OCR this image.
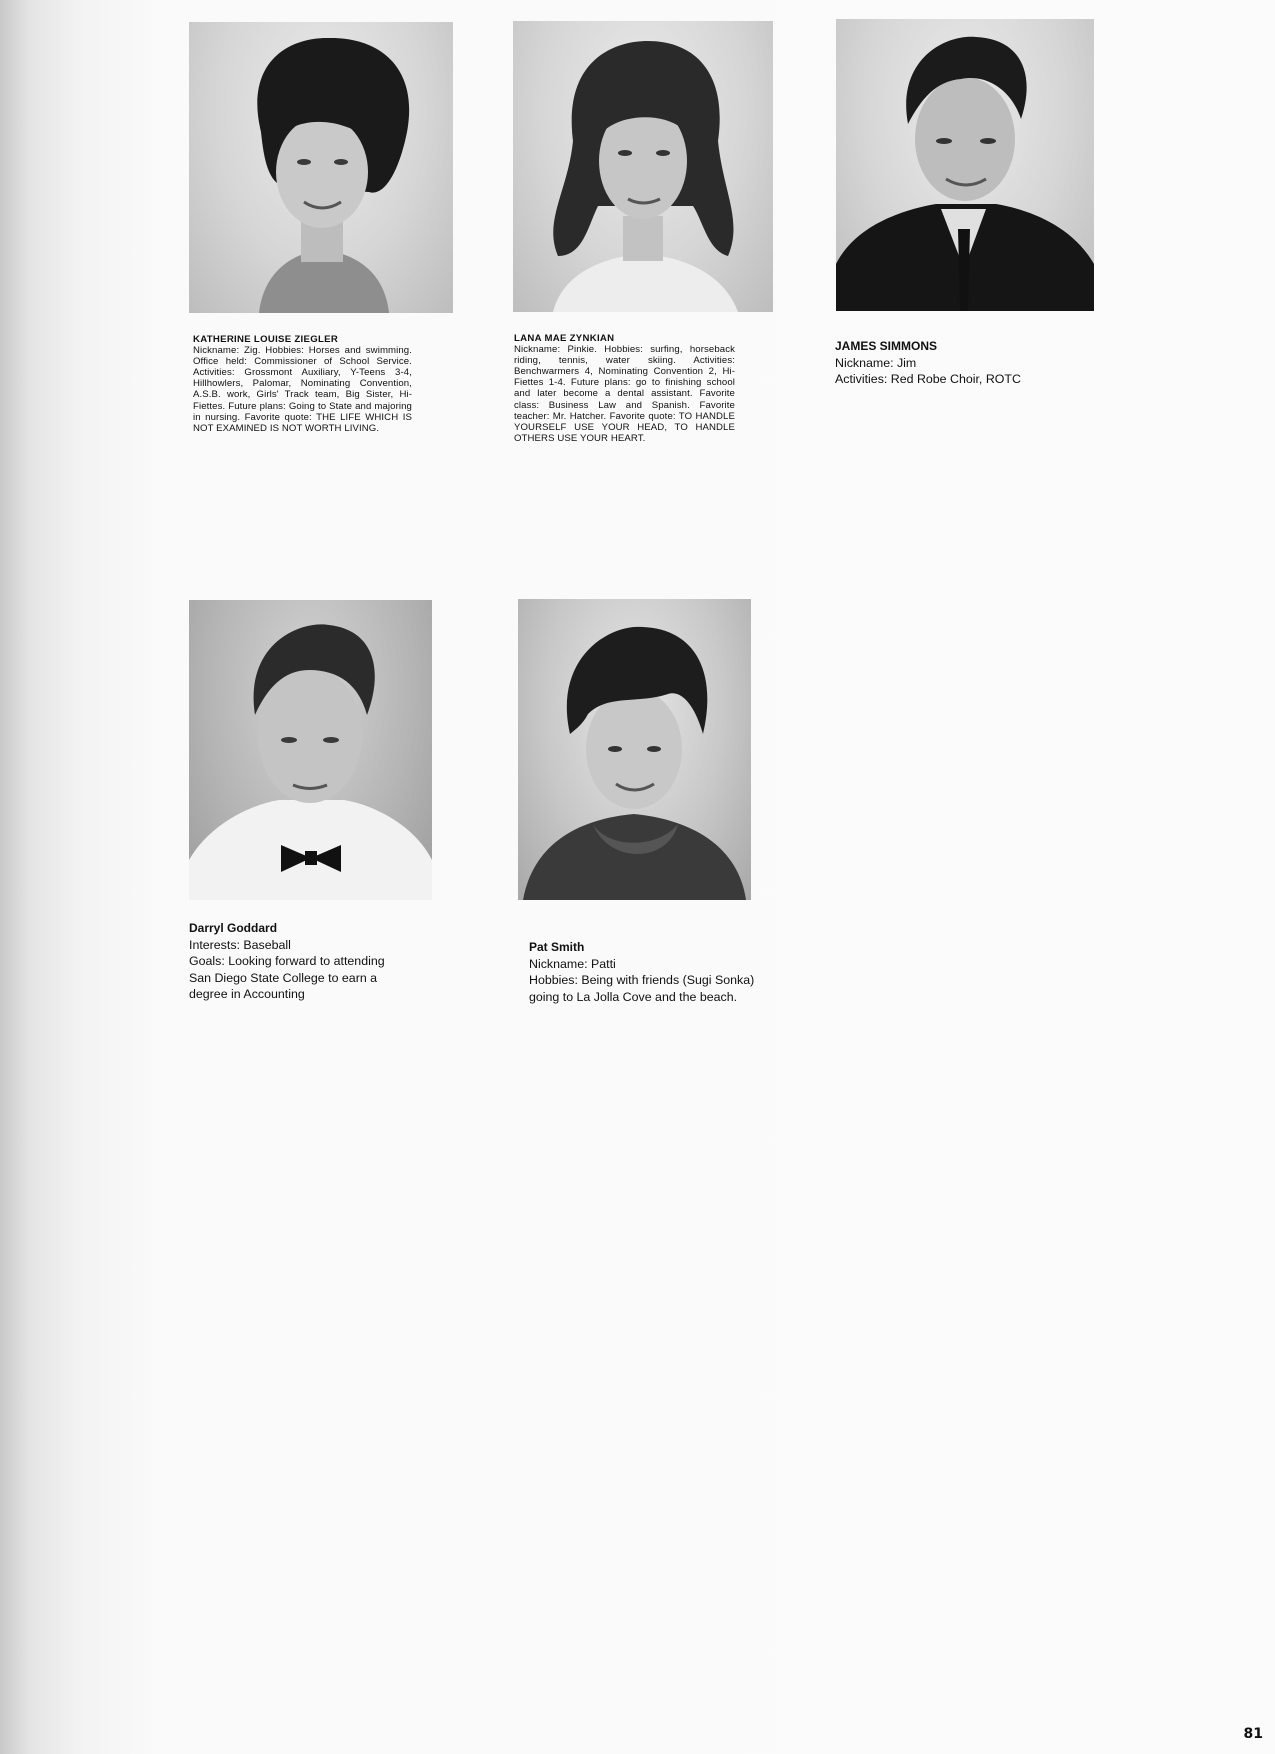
KATHERINE LOUISE ZIEGLER

Nickname: Zig. Hobbies: Horses and swimming. Office held: Commissioner of School Service. Activities: Grossmont Auxiliary, Y-Teens 3-4, Hillhowlers, Palomar, Nominating Convention, A.S.B. work, Girls' Track team, Big Sister, Hi-Fiettes. Future plans: Going to State and majoring in nursing. Favorite quote: THE LIFE WHICH IS NOT EXAMINED IS NOT WORTH LIVING.

LANA MAE ZYNKIAN

Nickname: Pinkie. Hobbies: surfing, horseback riding, tennis, water skiing. Activities: Benchwarmers 4, Nominating Convention 2, Hi-Fiettes 1-4. Future plans: go to finishing school and later become a dental assistant. Favorite class: Business Law and Spanish. Favorite teacher: Mr. Hatcher. Favorite quote: TO HANDLE YOURSELF USE YOUR HEAD, TO HANDLE OTHERS USE YOUR HEART.

JAMES SIMMONS

Nickname: Jim

Activities: Red Robe Choir, ROTC

Darryl Goddard

Interests: Baseball

Goals: Looking forward to attending

San Diego State College to earn a

degree in Accounting

Pat Smith

Nickname: Patti

Hobbies: Being with friends (Sugi Sonka)

going to La Jolla Cove and the beach.

81
